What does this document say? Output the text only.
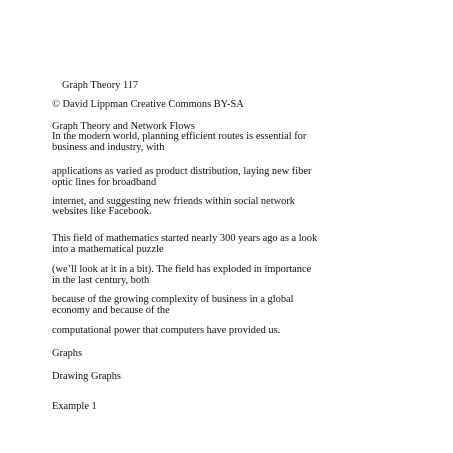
Graph Theory 117
© David Lippman Creative Commons BY-SA
Graph Theory and Network Flows
In the modern world, planning efficient routes is essential for
business and industry, with
applications as varied as product distribution, laying new fiber
optic lines for broadband
internet, and suggesting new friends within social network
websites like Facebook.
This field of mathematics started nearly 300 years ago as a look
into a mathematical puzzle
(we’ll look at it in a bit). The field has exploded in importance
in the last century, both
because of the growing complexity of business in a global
economy and because of the
computational power that computers have provided us.
Graphs
Drawing Graphs
Example 1
